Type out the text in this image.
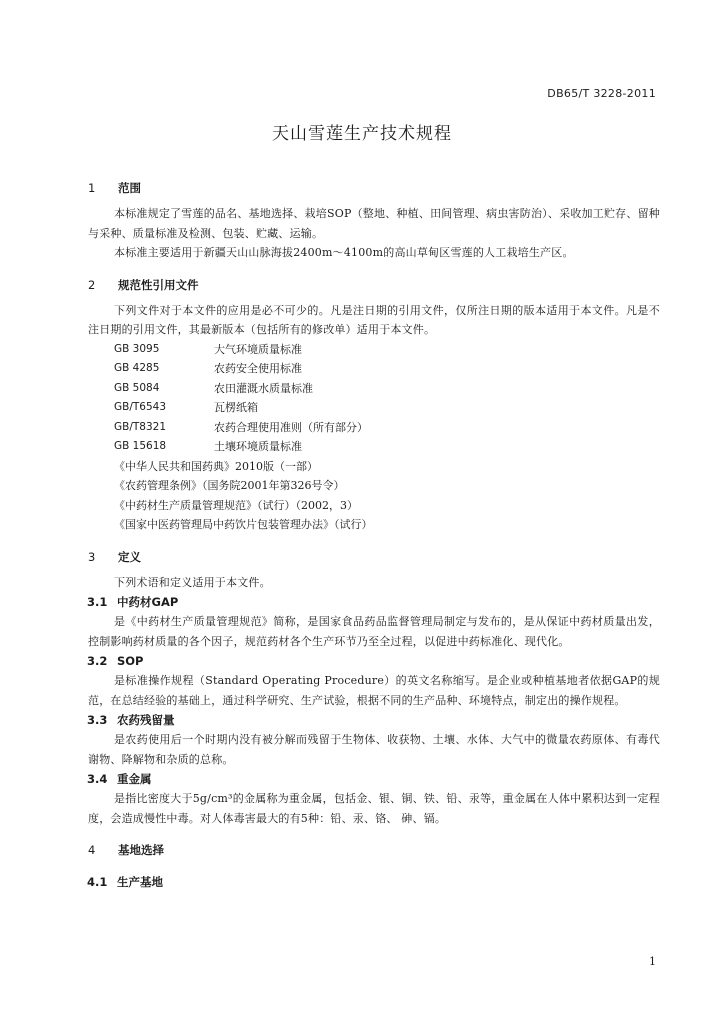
DB65/T 3228-2011
天山雪莲生产技术规程
1	范围

本标准规定了雪莲的品名、基地选择、栽培SOP（整地、种植、田间管理、病虫害防治）、采收加工贮存、留种与采种、质量标准及检测、包装、贮藏、运输。

本标准主要适用于新疆天山山脉海拔2400m～4100m的高山草甸区雪莲的人工栽培生产区。

2	规范性引用文件

下列文件对于本文件的应用是必不可少的。凡是注日期的引用文件，仅所注日期的版本适用于本文件。凡是不注日期的引用文件，其最新版本（包括所有的修改单）适用于本文件。

GB 3095	大气环境质量标准
GB 4285	农药安全使用标准
GB 5084	农田灌溉水质量标准
GB/T6543	瓦楞纸箱
GB/T8321	农药合理使用准则（所有部分）
GB 15618	土壤环境质量标准
《中华人民共和国药典》2010版（一部）
《农药管理条例》（国务院2001年第326号令）
《中药材生产质量管理规范》（试行）（2002，3）
《国家中医药管理局中药饮片包装管理办法》（试行）
3	定义

下列术语和定义适用于本文件。

3.1 中药材GAP

是《中药材生产质量管理规范》简称，是国家食品药品监督管理局制定与发布的，是从保证中药材质量出发，控制影响药材质量的各个因子，规范药材各个生产环节乃至全过程，以促进中药标准化、现代化。

3.2 SOP

是标准操作规程（Standard Operating Procedure）的英文名称缩写。是企业或种植基地者依据GAP的规范，在总结经验的基础上，通过科学研究、生产试验，根据不同的生产品种、环境特点，制定出的操作规程。

3.3 农药残留量

是农药使用后一个时期内没有被分解而残留于生物体、收获物、土壤、水体、大气中的微量农药原体、有毒代谢物、降解物和杂质的总称。

3.4 重金属

是指比密度大于5g/cm³的金属称为重金属，包括金、银、铜、铁、铅、汞等，重金属在人体中累积达到一定程度，会造成慢性中毒。对人体毒害最大的有5种：铅、汞、铬、 砷、镉。

4	基地选择
4.1 生产基地
1
